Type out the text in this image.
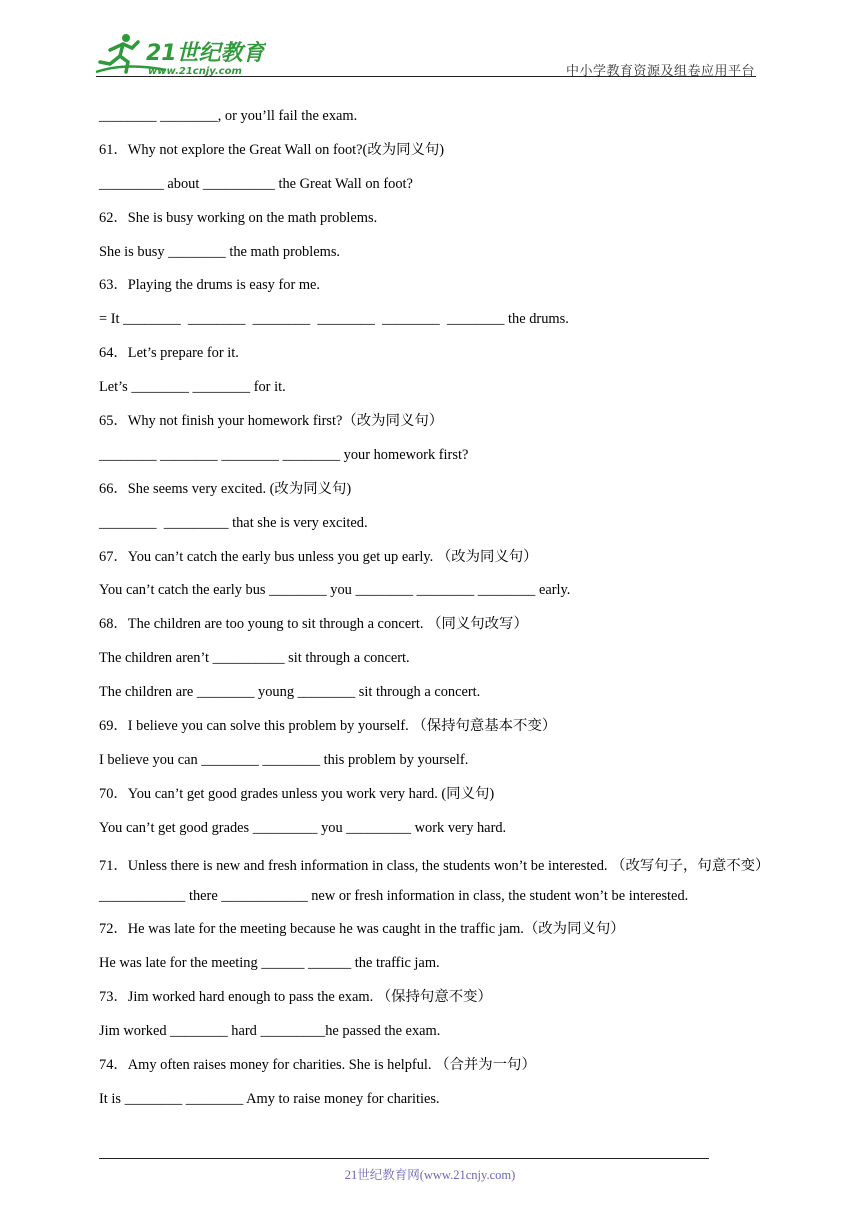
21世纪教育
www.21cnjy.com	中小学教育资源及组卷应用平台
________ ________, or you’ll fail the exam.
61．Why not explore the Great Wall on foot?(改为同义句)
_________ about __________ the Great Wall on foot?
62．She is busy working on the math problems.
She is busy ________ the math problems.
63．Playing the drums is easy for me.
= It ________  ________  ________  ________  ________  ________ the drums.
64．Let’s prepare for it.
Let’s ________ ________ for it.
65．Why not finish your homework first?（改为同义句）
________ ________ ________ ________ your homework first?
66．She seems very excited. (改为同义句)
________  _________ that she is very excited.
67．You can’t catch the early bus unless you get up early. （改为同义句）
You can’t catch the early bus ________ you ________ ________ ________ early.
68．The children are too young to sit through a concert. （同义句改写）
The children aren’t __________ sit through a concert.
The children are ________ young ________ sit through a concert.
69．I believe you can solve this problem by yourself. （保持句意基本不变）
I believe you can ________ ________ this problem by yourself.
70．You can’t get good grades unless you work very hard. (同义句)
You can’t get good grades _________ you _________ work very hard.
71．Unless there is new and fresh information in class, the students won’t be interested. （改写句子，句意不变）
____________ there ____________ new or fresh information in class, the student won’t be interested.
72．He was late for the meeting because he was caught in the traffic jam.（改为同义句）
He was late for the meeting ______ ______ the traffic jam.
73．Jim worked hard enough to pass the exam. （保持句意不变）
Jim worked ________ hard _________he passed the exam.
74．Amy often raises money for charities. She is helpful. （合并为一句）
It is ________ ________ Amy to raise money for charities.
21世纪教育网(www.21cnjy.com)
